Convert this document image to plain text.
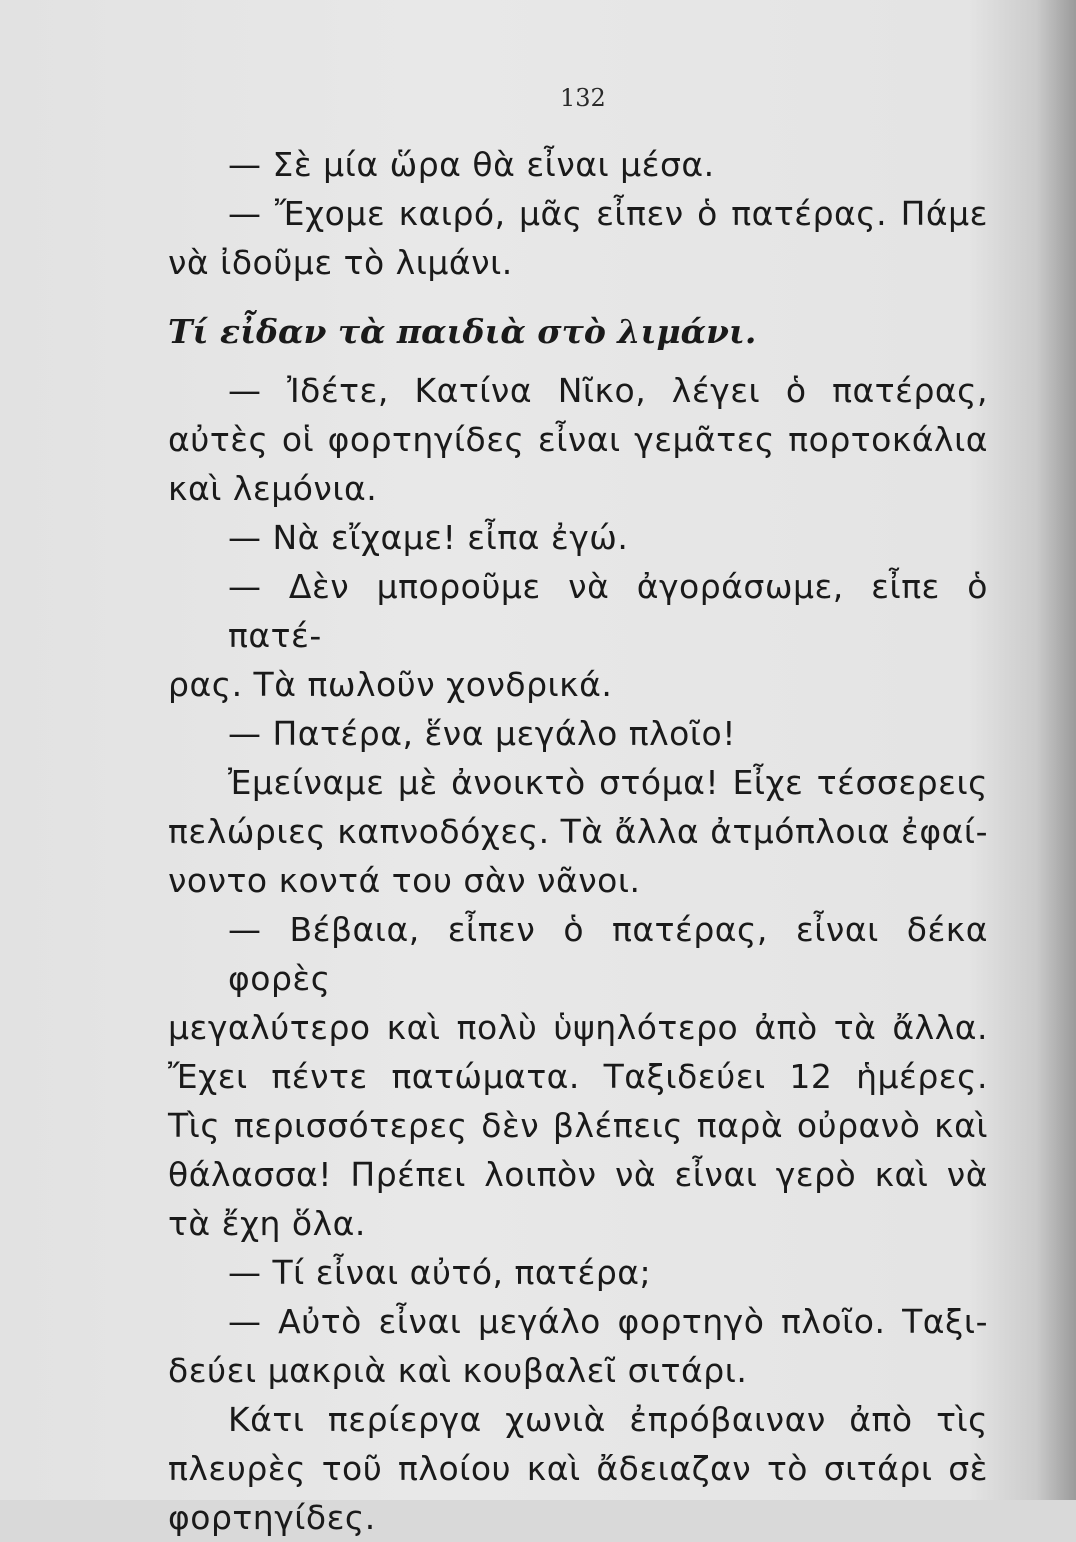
132
— Σὲ μία ὥρα θὰ εἶναι μέσα.
— Ἔχομε καιρό, μᾶς εἶπεν ὁ πατέρας. Πάμε
νὰ ἰδοῦμε τὸ λιμάνι.
Τί εἶδαν τὰ παιδιὰ στὸ λιμάνι.
— Ἰδέτε, Κατίνα Νῖκο, λέγει ὁ πατέρας,
αὐτὲς οἱ φορτηγίδες εἶναι γεμᾶτες πορτοκάλια
καὶ λεμόνια.
— Νὰ εἴχαμε! εἶπα ἐγώ.
— Δὲν μποροῦμε νὰ ἀγοράσωμε, εἶπε ὁ πατέ-
ρας. Τὰ πωλοῦν χονδρικά.
— Πατέρα, ἕνα μεγάλο πλοῖο!
Ἐμείναμε μὲ ἀνοικτὸ στόμα! Εἶχε τέσσερεις
πελώριες καπνοδόχες. Τὰ ἄλλα ἀτμόπλοια ἐφαί-
νοντο κοντά του σὰν νᾶνοι.
— Βέβαια, εἶπεν ὁ πατέρας, εἶναι δέκα φορὲς
μεγαλύτερο καὶ πολὺ ὑψηλότερο ἀπὸ τὰ ἄλλα.
Ἔχει πέντε πατώματα. Ταξιδεύει 12 ἡμέρες.
Τὶς περισσότερες δὲν βλέπεις παρὰ οὐρανὸ καὶ
θάλασσα! Πρέπει λοιπὸν νὰ εἶναι γερὸ καὶ νὰ
τὰ ἔχη ὅλα.
— Τί εἶναι αὐτό, πατέρα;
— Αὐτὸ εἶναι μεγάλο φορτηγὸ πλοῖο. Ταξι-
δεύει μακριὰ καὶ κουβαλεῖ σιτάρι.
Κάτι περίεργα χωνιὰ ἐπρόβαιναν ἀπὸ τὶς
πλευρὲς τοῦ πλοίου καὶ ἄδειαζαν τὸ σιτάρι σὲ
φορτηγίδες.
